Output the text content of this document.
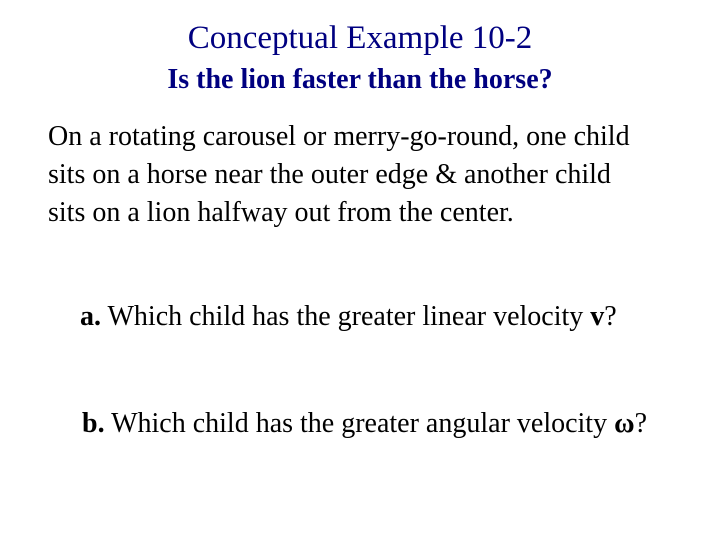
Conceptual Example 10-2
Is the lion faster than the horse?

On a rotating carousel or merry-go-round, one child
sits on a horse near the outer edge & another child
sits on a lion halfway out from the center.

a. Which child has the greater linear velocity v?
b. Which child has the greater angular velocity ω?
